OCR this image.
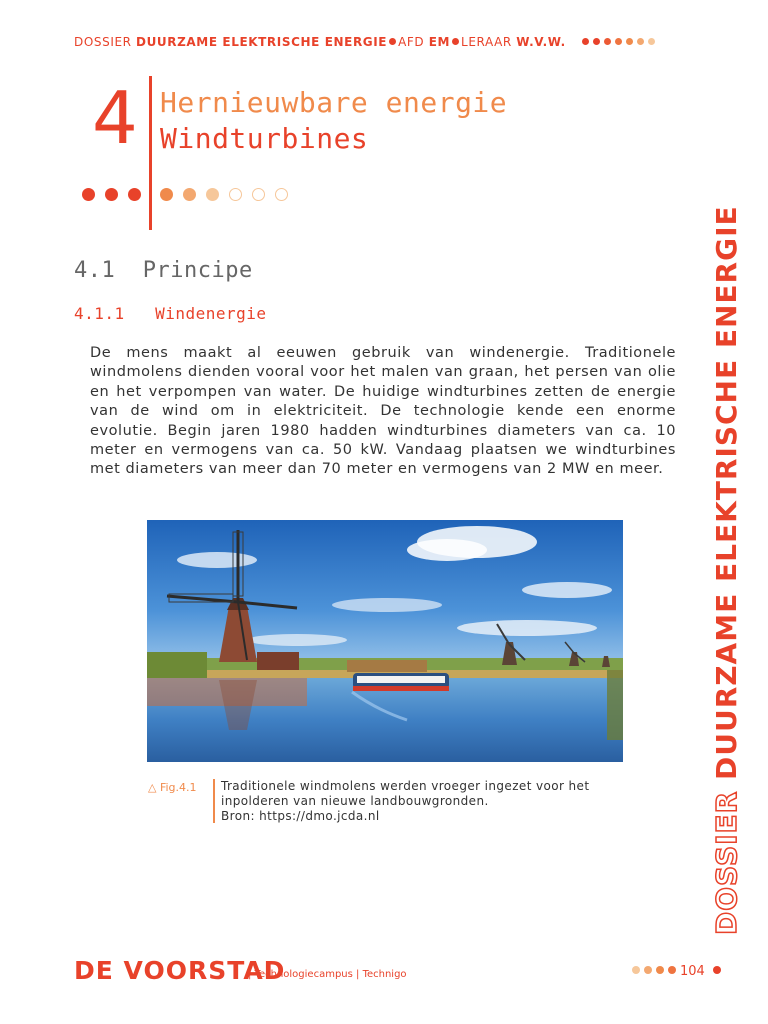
DOSSIER DUURZAME ELEKTRISCHE ENERGIE AFD EM LERAAR W.V.W.
4 Hernieuwbare energie
Windturbines
4.1 Principe
4.1.1 Windenergie

De mens maakt al eeuwen gebruik van windenergie. Traditionele windmolens dienden vooral voor het malen van graan, het persen van olie en het verpompen van water. De huidige windturbines zetten de energie van de wind om in elektriciteit. De technologie kende een enorme evolutie. Begin jaren 1980 hadden windturbines diameters van ca. 10 meter en vermogens van ca. 50 kW. Vandaag plaatsen we windturbines met diameters van meer dan 70 meter en vermogens van 2 MW en meer.

△ Fig.4.1 Traditionele windmolens werden vroeger ingezet voor het inpolderen van nieuwe landbouwgronden.
Bron: https://dmo.jcda.nl	DOSSIER DUURZAME ELEKTRISCHE ENERGIE
DE VOORSTAD
| Technologiecampus | Technigo	104
